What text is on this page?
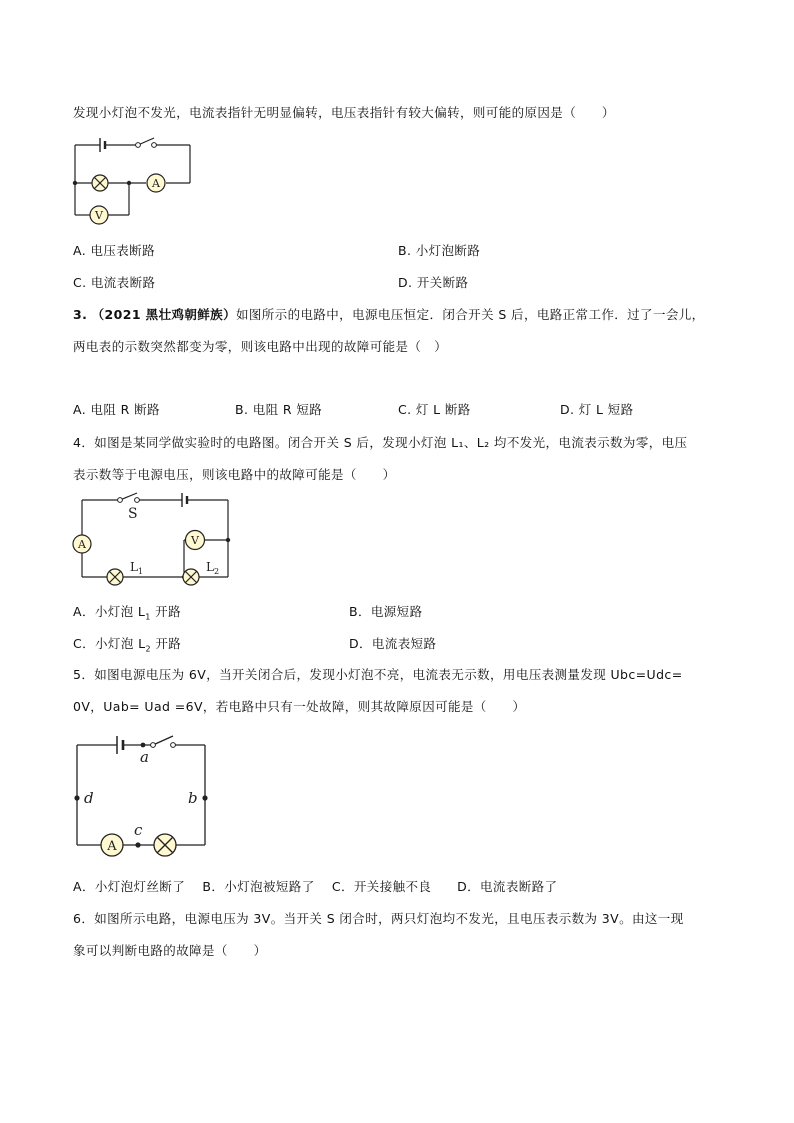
发现小灯泡不发光，电流表指针无明显偏转，电压表指针有较大偏转，则可能的原因是（　　）
A
V
A. 电压表断路	B. 小灯泡断路
C. 电流表断路	D. 开关断路
3. （2021 黑壮鸡朝鲜族）如图所示的电路中，电源电压恒定．闭合开关 S 后，电路正常工作．过了一会儿，
两电表的示数突然都变为零，则该电路中出现的故障可能是（　）
A. 电阻 R 断路	B. 电阻 R 短路	C. 灯 L 断路	D. 灯 L 短路
4．如图是某同学做实验时的电路图。闭合开关 S 后，发现小灯泡 L₁、L₂ 均不发光，电流表示数为零，电压
表示数等于电源电压，则该电路中的故障可能是（　　）
S
A	V
$L_1$	$L_2$
A．小灯泡 $L_1$ 开路	B．电源短路
C．小灯泡 $L_2$ 开路	D．电流表短路
5．如图电源电压为 6V，当开关闭合后，发现小灯泡不亮，电流表无示数，用电压表测量发现 Ubc=Udc=
0V，Uab= Uad =6V，若电路中只有一处故障，则其故障原因可能是（　　）
a
d	b
c
A
A．小灯泡灯丝断了　 B．小灯泡被短路了　 C．开关接触不良　　D．电流表断路了
6．如图所示电路，电源电压为 3V。当开关 S 闭合时，两只灯泡均不发光，且电压表示数为 3V。由这一现
象可以判断电路的故障是（　　）
